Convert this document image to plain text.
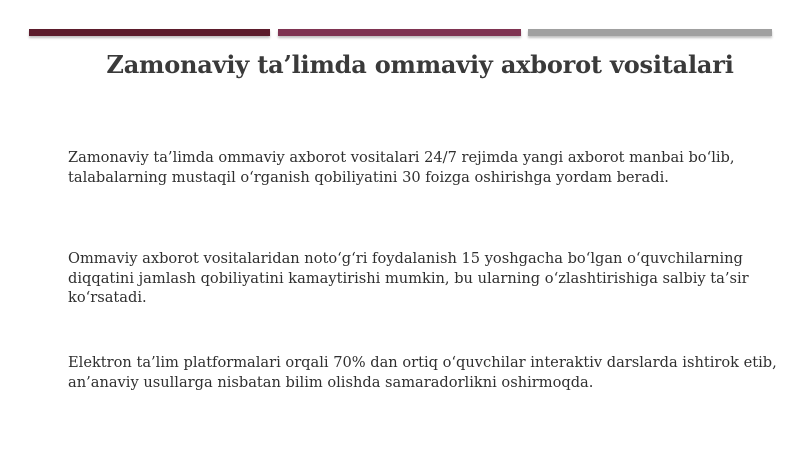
Zamonaviy ta’limda ommaviy axborot vositalari
Zamonaviy ta’limda ommaviy axborot vositalari 24/7 rejimda yangi axborot manbai bo‘lib,
talabalarning mustaqil o‘rganish qobiliyatini 30 foizga oshirishga yordam beradi.
Ommaviy axborot vositalaridan noto‘g‘ri foydalanish 15 yoshgacha bo‘lgan o‘quvchilarning
diqqatini jamlash qobiliyatini kamaytirishi mumkin, bu ularning o‘zlashtirishiga salbiy ta’sir
ko‘rsatadi.
Elektron ta’lim platformalari orqali 70% dan ortiq o‘quvchilar interaktiv darslarda ishtirok etib,
an’anaviy usullarga nisbatan bilim olishda samaradorlikni oshirmoqda.
